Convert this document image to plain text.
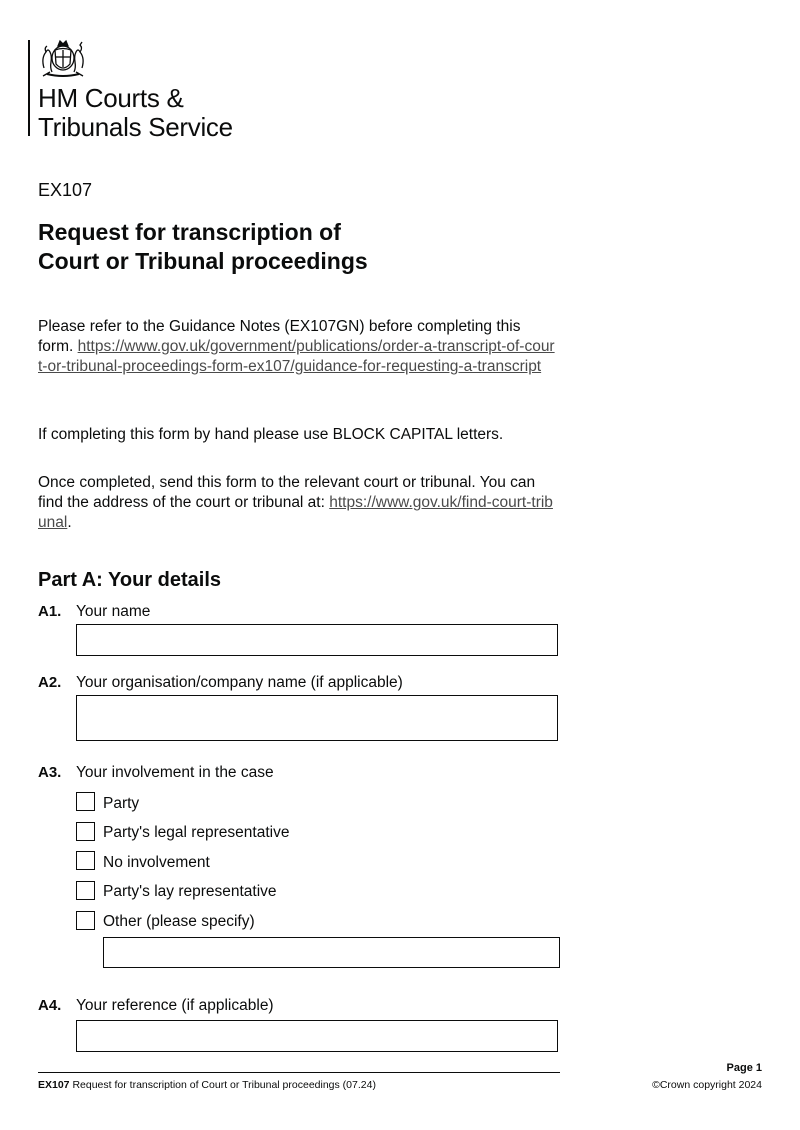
HM Courts &
Tribunals Service
EX107
Request for transcription of
Court or Tribunal proceedings

Please refer to the Guidance Notes (EX107GN) before completing this form. https://www.gov.uk/government/publications/order-a-transcript-of-court-or-tribunal-proceedings-form-ex107/guidance-for-requesting-a-transcript

If completing this form by hand please use BLOCK CAPITAL letters.

Once completed, send this form to the relevant court or tribunal. You can find the address of the court or tribunal at: https://www.gov.uk/find-court-tribunal.

Part A: Your details
A1. Your name
A2. Your organisation/company name (if applicable)
A3. Your involvement in the case
Party
Party's legal representative
No involvement
Party's lay representative
Other (please specify)
A4. Your reference (if applicable)
EX107 Request for transcription of Court or Tribunal proceedings (07.24)
Page 1
©Crown copyright 2024
